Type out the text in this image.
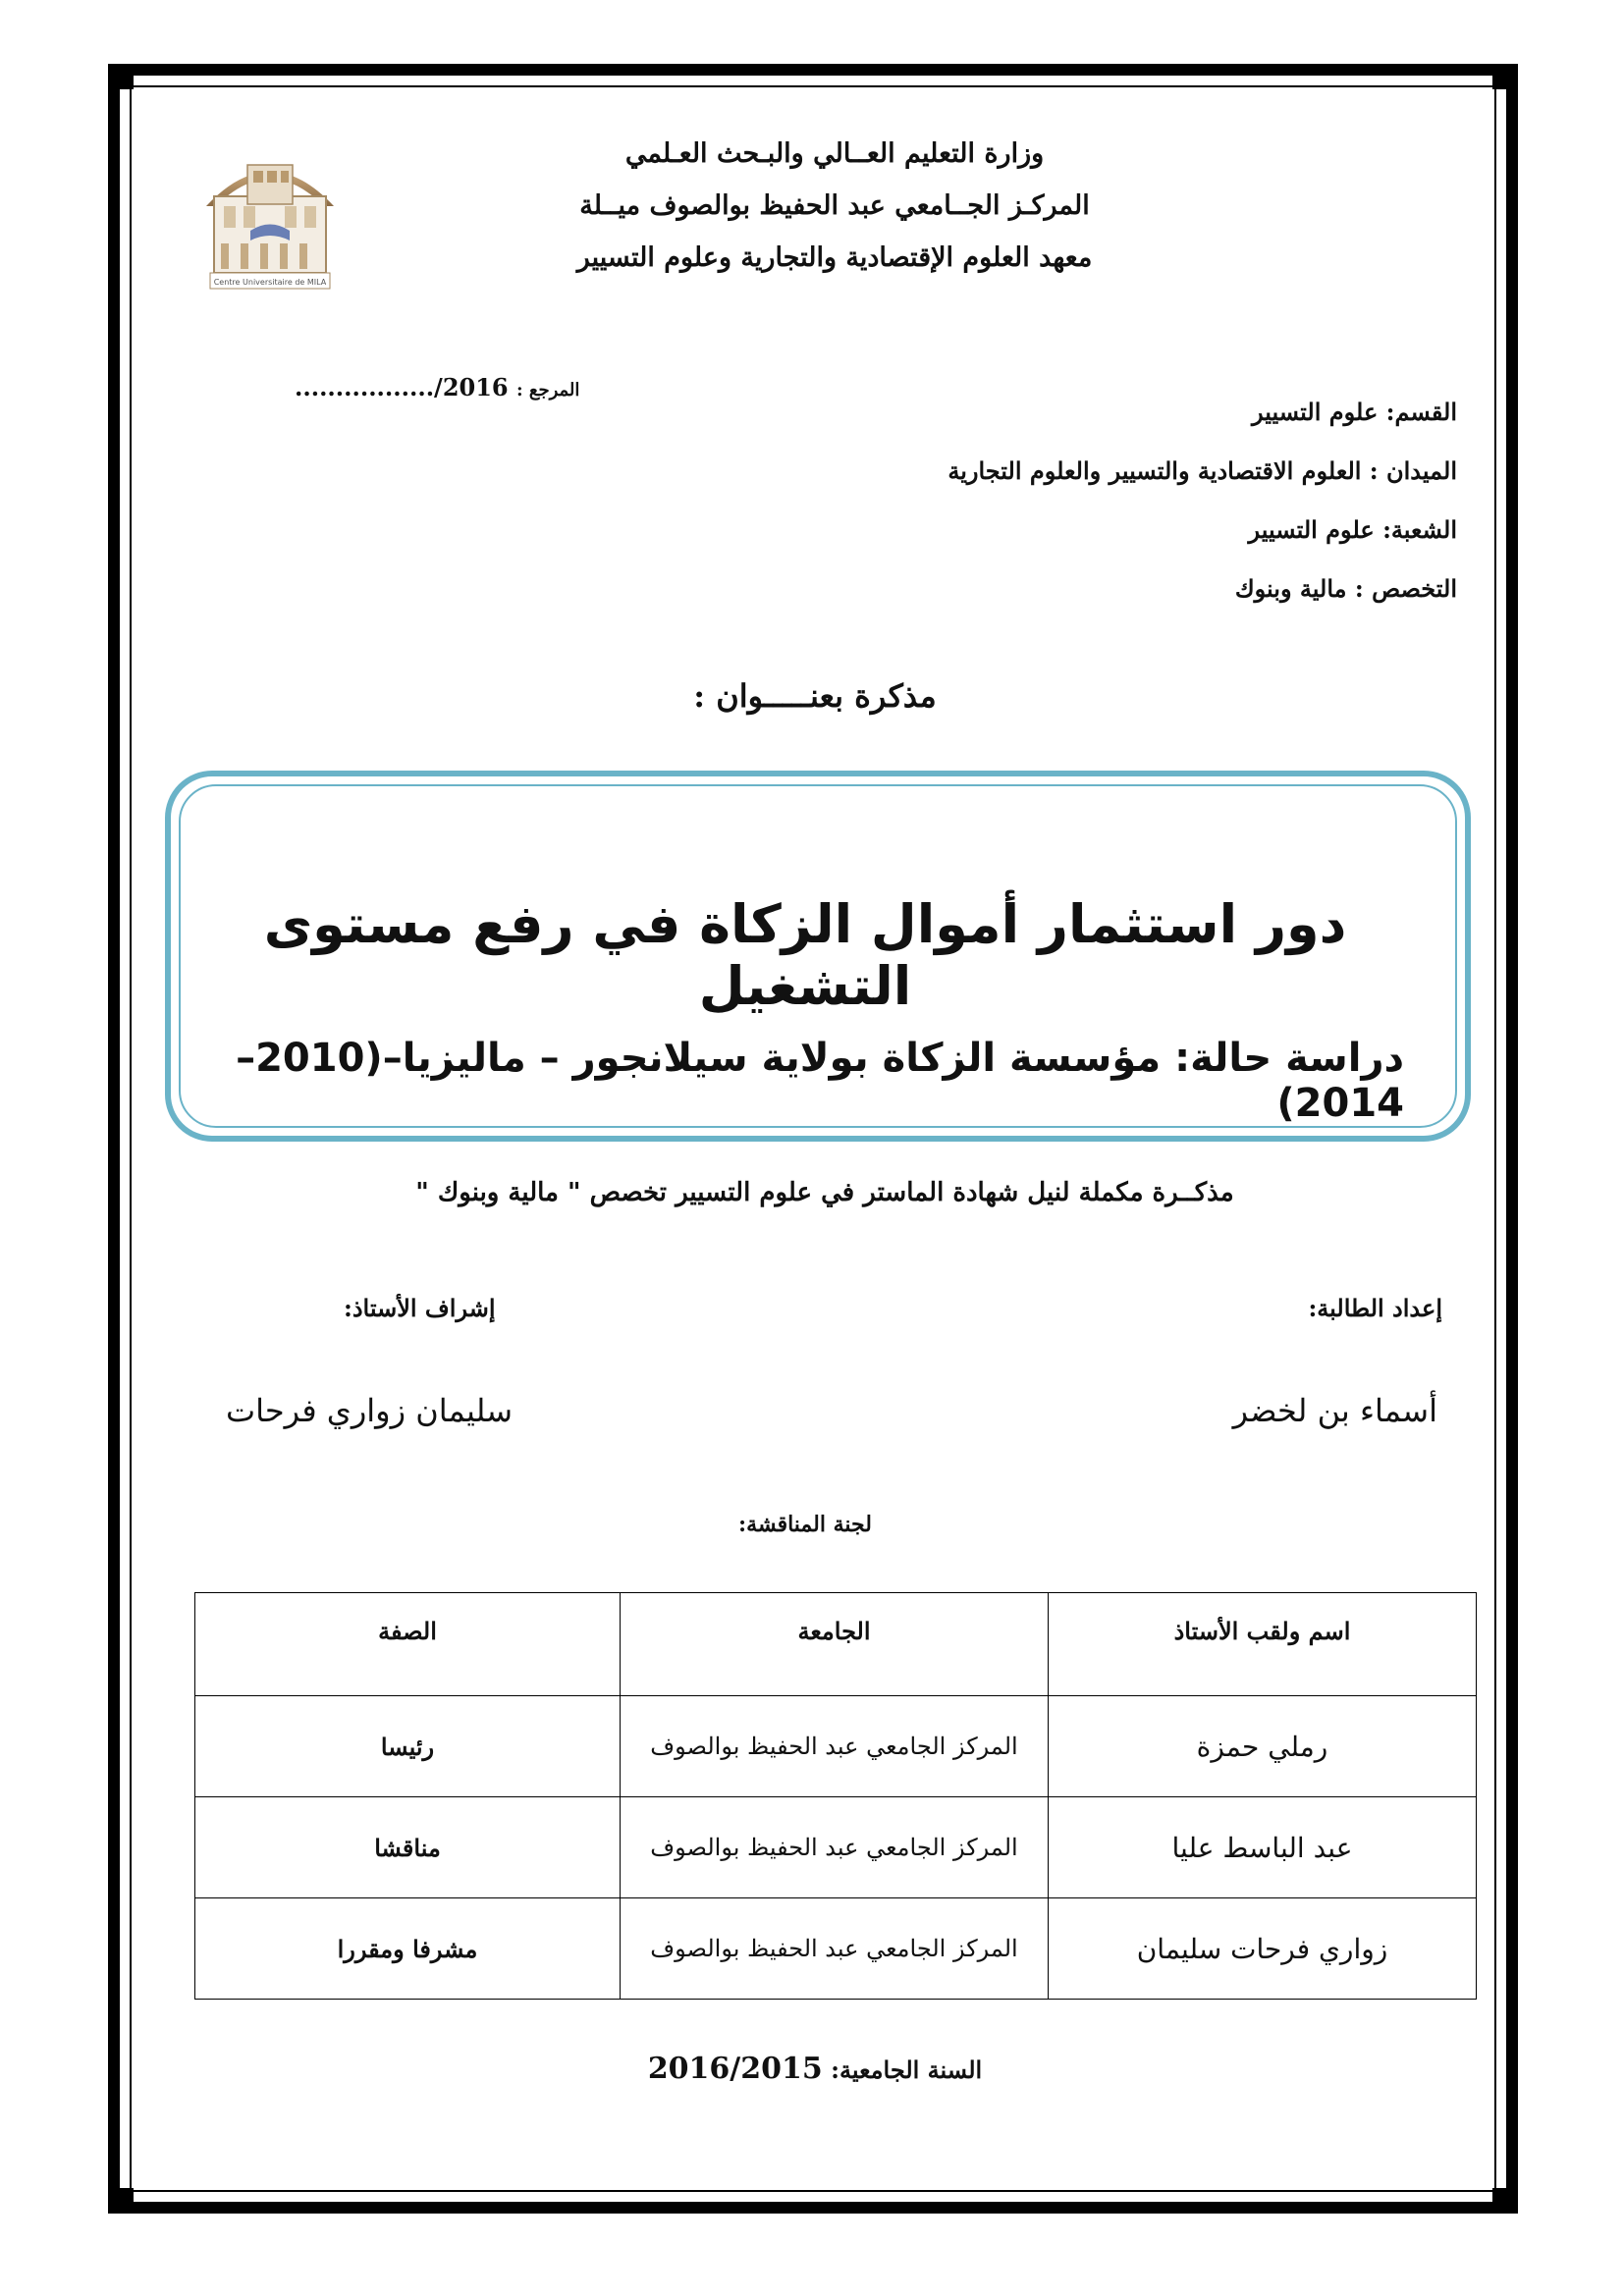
Centre Universitaire de MILA
وزارة التعليم العــالي والبـحث العـلمي
المركـز الجــامعي عبد الحفيظ بوالصوف ميــلة
معهد العلوم الإقتصادية والتجارية وعلوم التسيير
المرجع : 2016/.................
القسم: علوم التسيير
الميدان : العلوم الاقتصادية والتسيير والعلوم التجارية
الشعبة: علوم التسيير
التخصص : مالية وبنوك
مذكرة بعنـــــوان :
دور استثمار أموال الزكاة في رفع مستوى التشغيل
دراسة حالة: مؤسسة الزكاة بولاية سيلانجور – ماليزيا–(2010–2014)
مذكــرة مكملة لنيل شهادة الماستر في علوم التسيير تخصص " مالية وبنوك "
إعداد الطالبة:
إشراف الأستاذ:
أسماء بن لخضر
سليمان زواري فرحات
لجنة المناقشة:
اسم ولقب الأستاذ	الجامعة	الصفة
رملي حمزة	المركز الجامعي عبد الحفيظ بوالصوف	رئيسا
عبد الباسط عليا	المركز الجامعي عبد الحفيظ بوالصوف	مناقشا
زواري فرحات سليمان	المركز الجامعي عبد الحفيظ بوالصوف	مشرفا ومقررا
السنة الجامعية: 2016/2015
